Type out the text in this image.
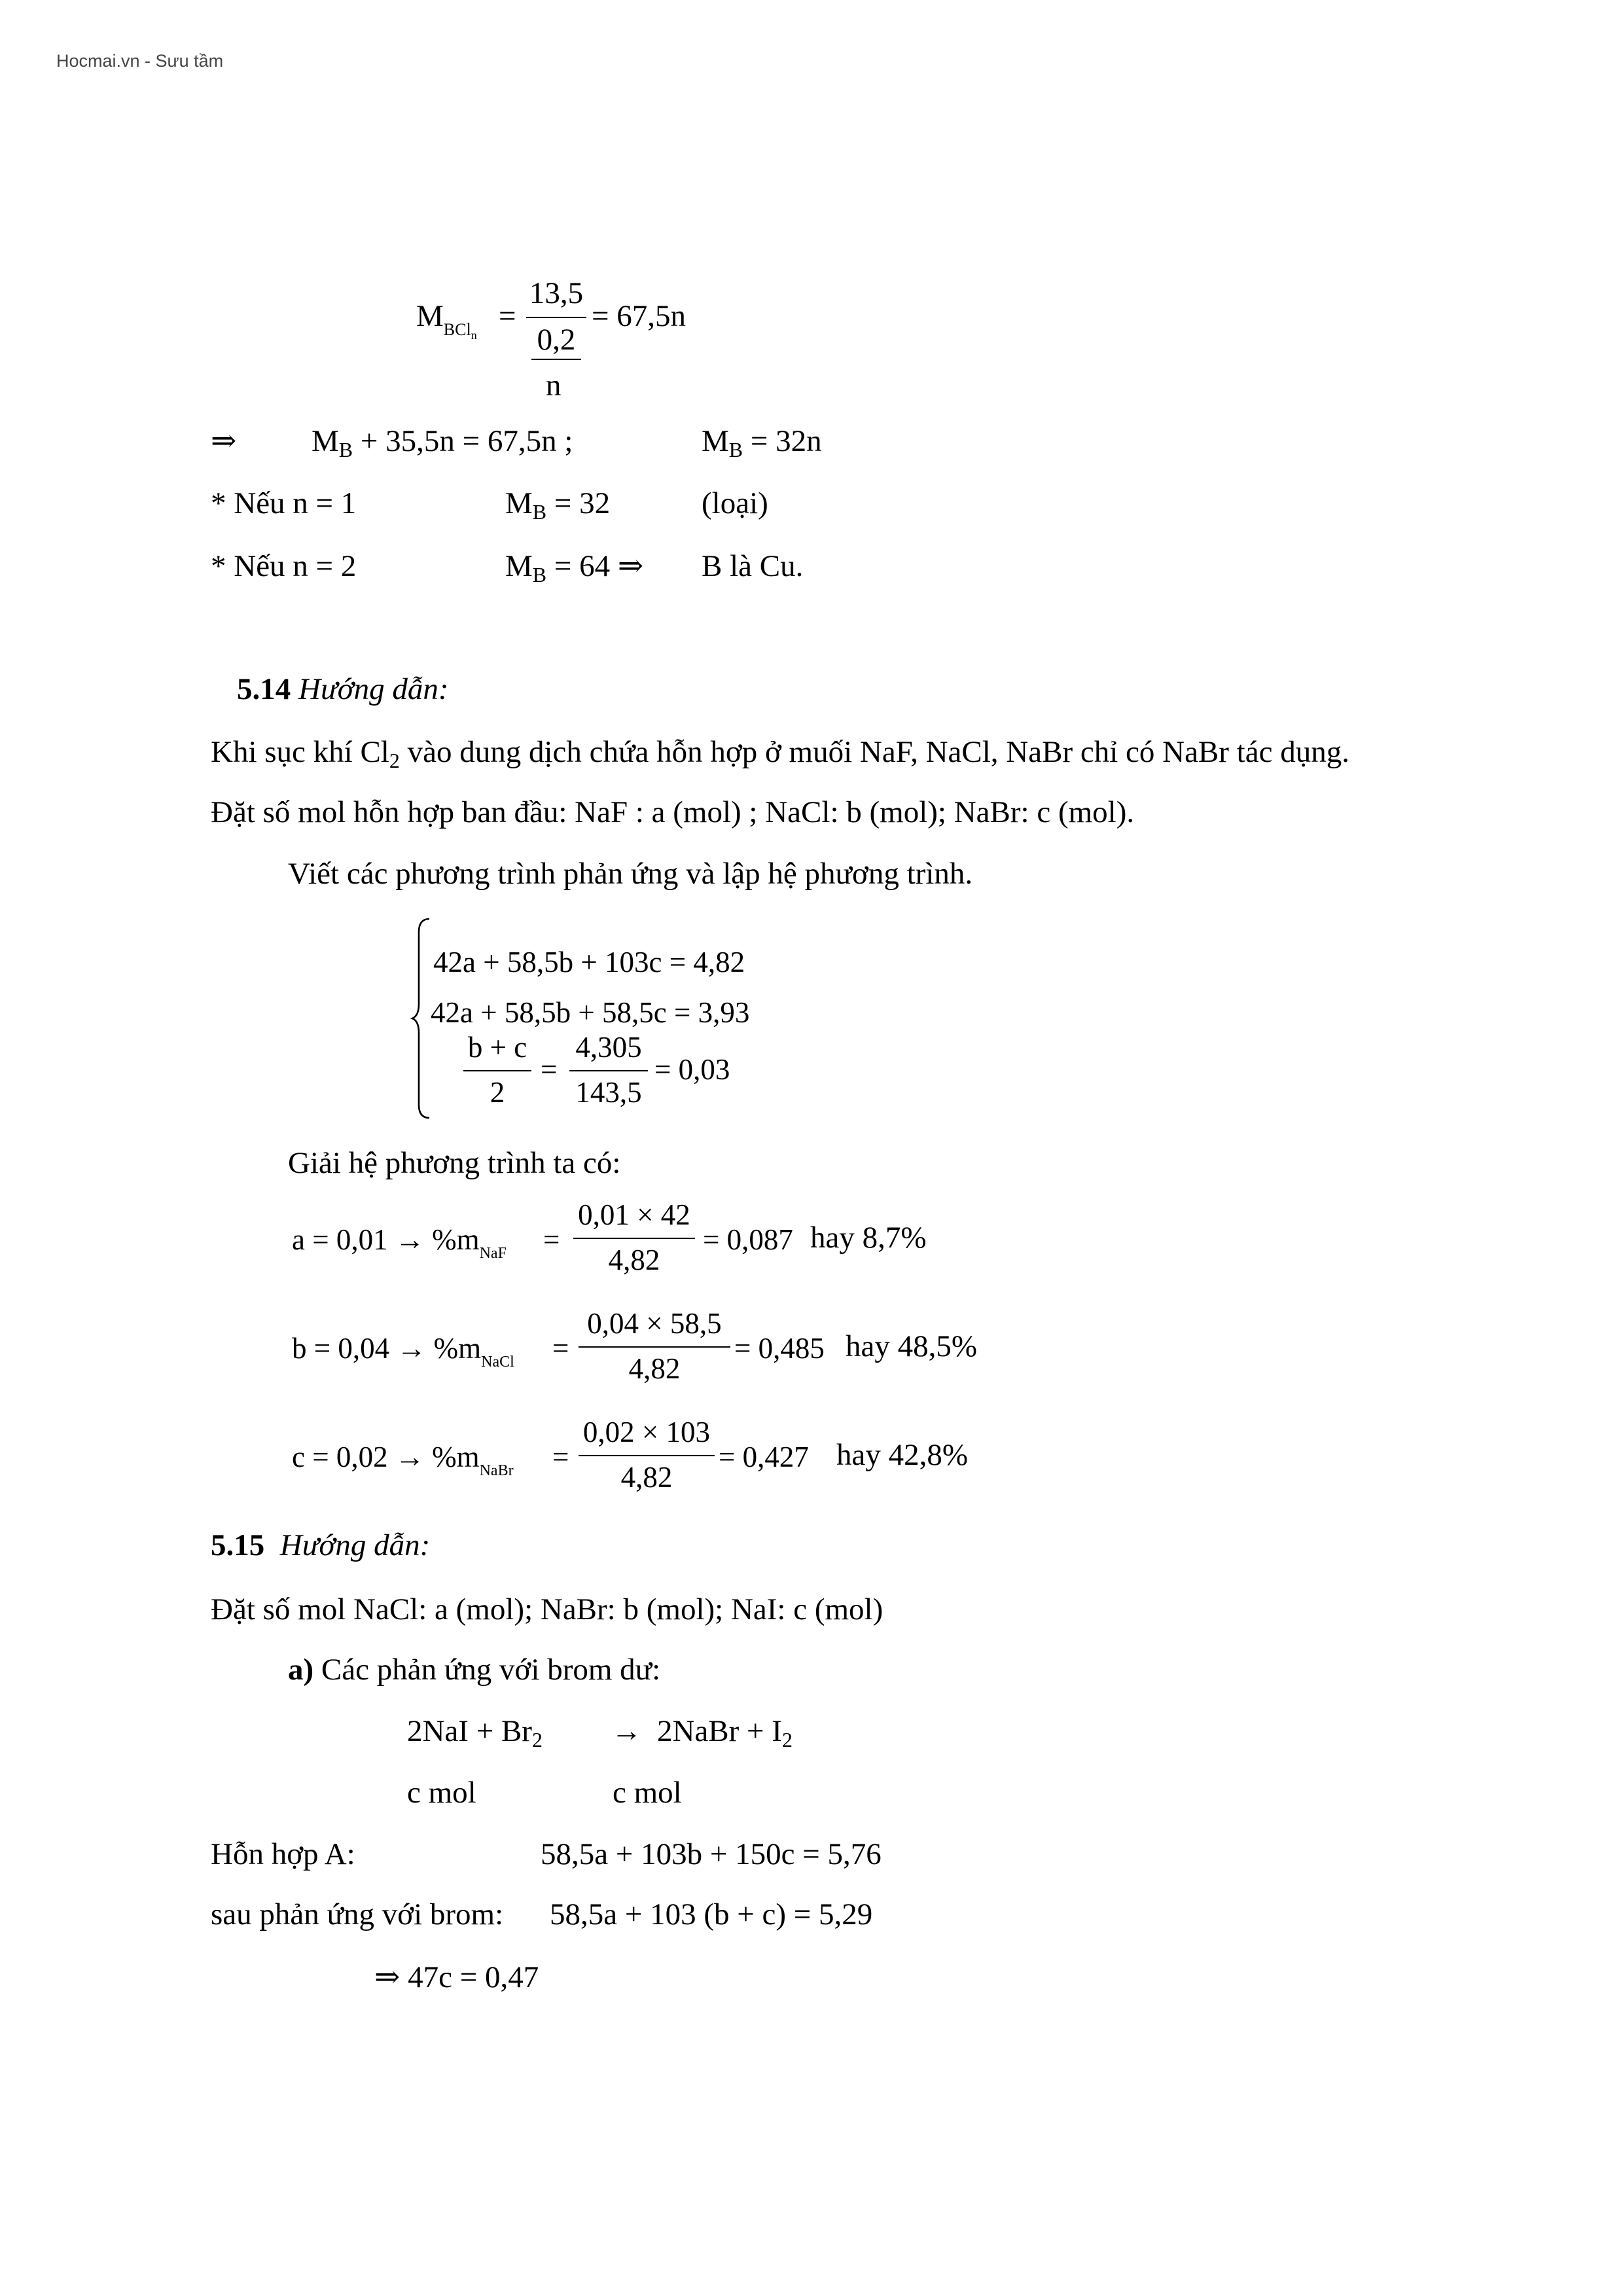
Hocmai.vn - Sưu tầm
$M_{BCl_n}$
=
13,5
0,2
n
= 67,5n
⇒ $M_B + 35,5n = 67,5n$ ;	$M_B = 32n$
* Nếu n = 1	$M_B = 32$	(loại)
* Nếu n = 2	$M_B = 64$ ⇒ B là Cu.
5.14 Hướng dẫn:
Khi sục khí $Cl_2$ vào dung dịch chứa hỗn hợp ở muối NaF, NaCl, NaBr chỉ có NaBr tác dụng.
Đặt số mol hỗn hợp ban đầu: NaF : a (mol) ; NaCl: b (mol); NaBr: c (mol).
Viết các phương trình phản ứng và lập hệ phương trình.
42a + 58,5b + 103c = 4,82
42a + 58,5b + 58,5c = 3,93
b + c
2
=
4,305
143,5
= 0,03
Giải hệ phương trình ta có:
$a = 0,01 \to \%m_{NaF}$ =
0,01 × 42
4,82
= 0,087 hay 8,7%
$b = 0,04 \to \%m_{NaCl}$ =
0,04 × 58,5
4,82
= 0,485 hay 48,5%
$c = 0,02 \to \%m_{NaBr}$ =
0,02 × 103
4,82
= 0,427 hay 42,8%
5.15 Hướng dẫn:
Đặt số mol NaCl: a (mol); NaBr: b (mol); NaI: c (mol)
a) Các phản ứng với brom dư:
$2NaI + Br_2$ → 2NaBr + $I_2$
c mol	c mol
Hỗn hợp A:	58,5a + 103b + 150c = 5,76
sau phản ứng với brom: 58,5a + 103 (b + c) = 5,29
⇒ 47c = 0,47
